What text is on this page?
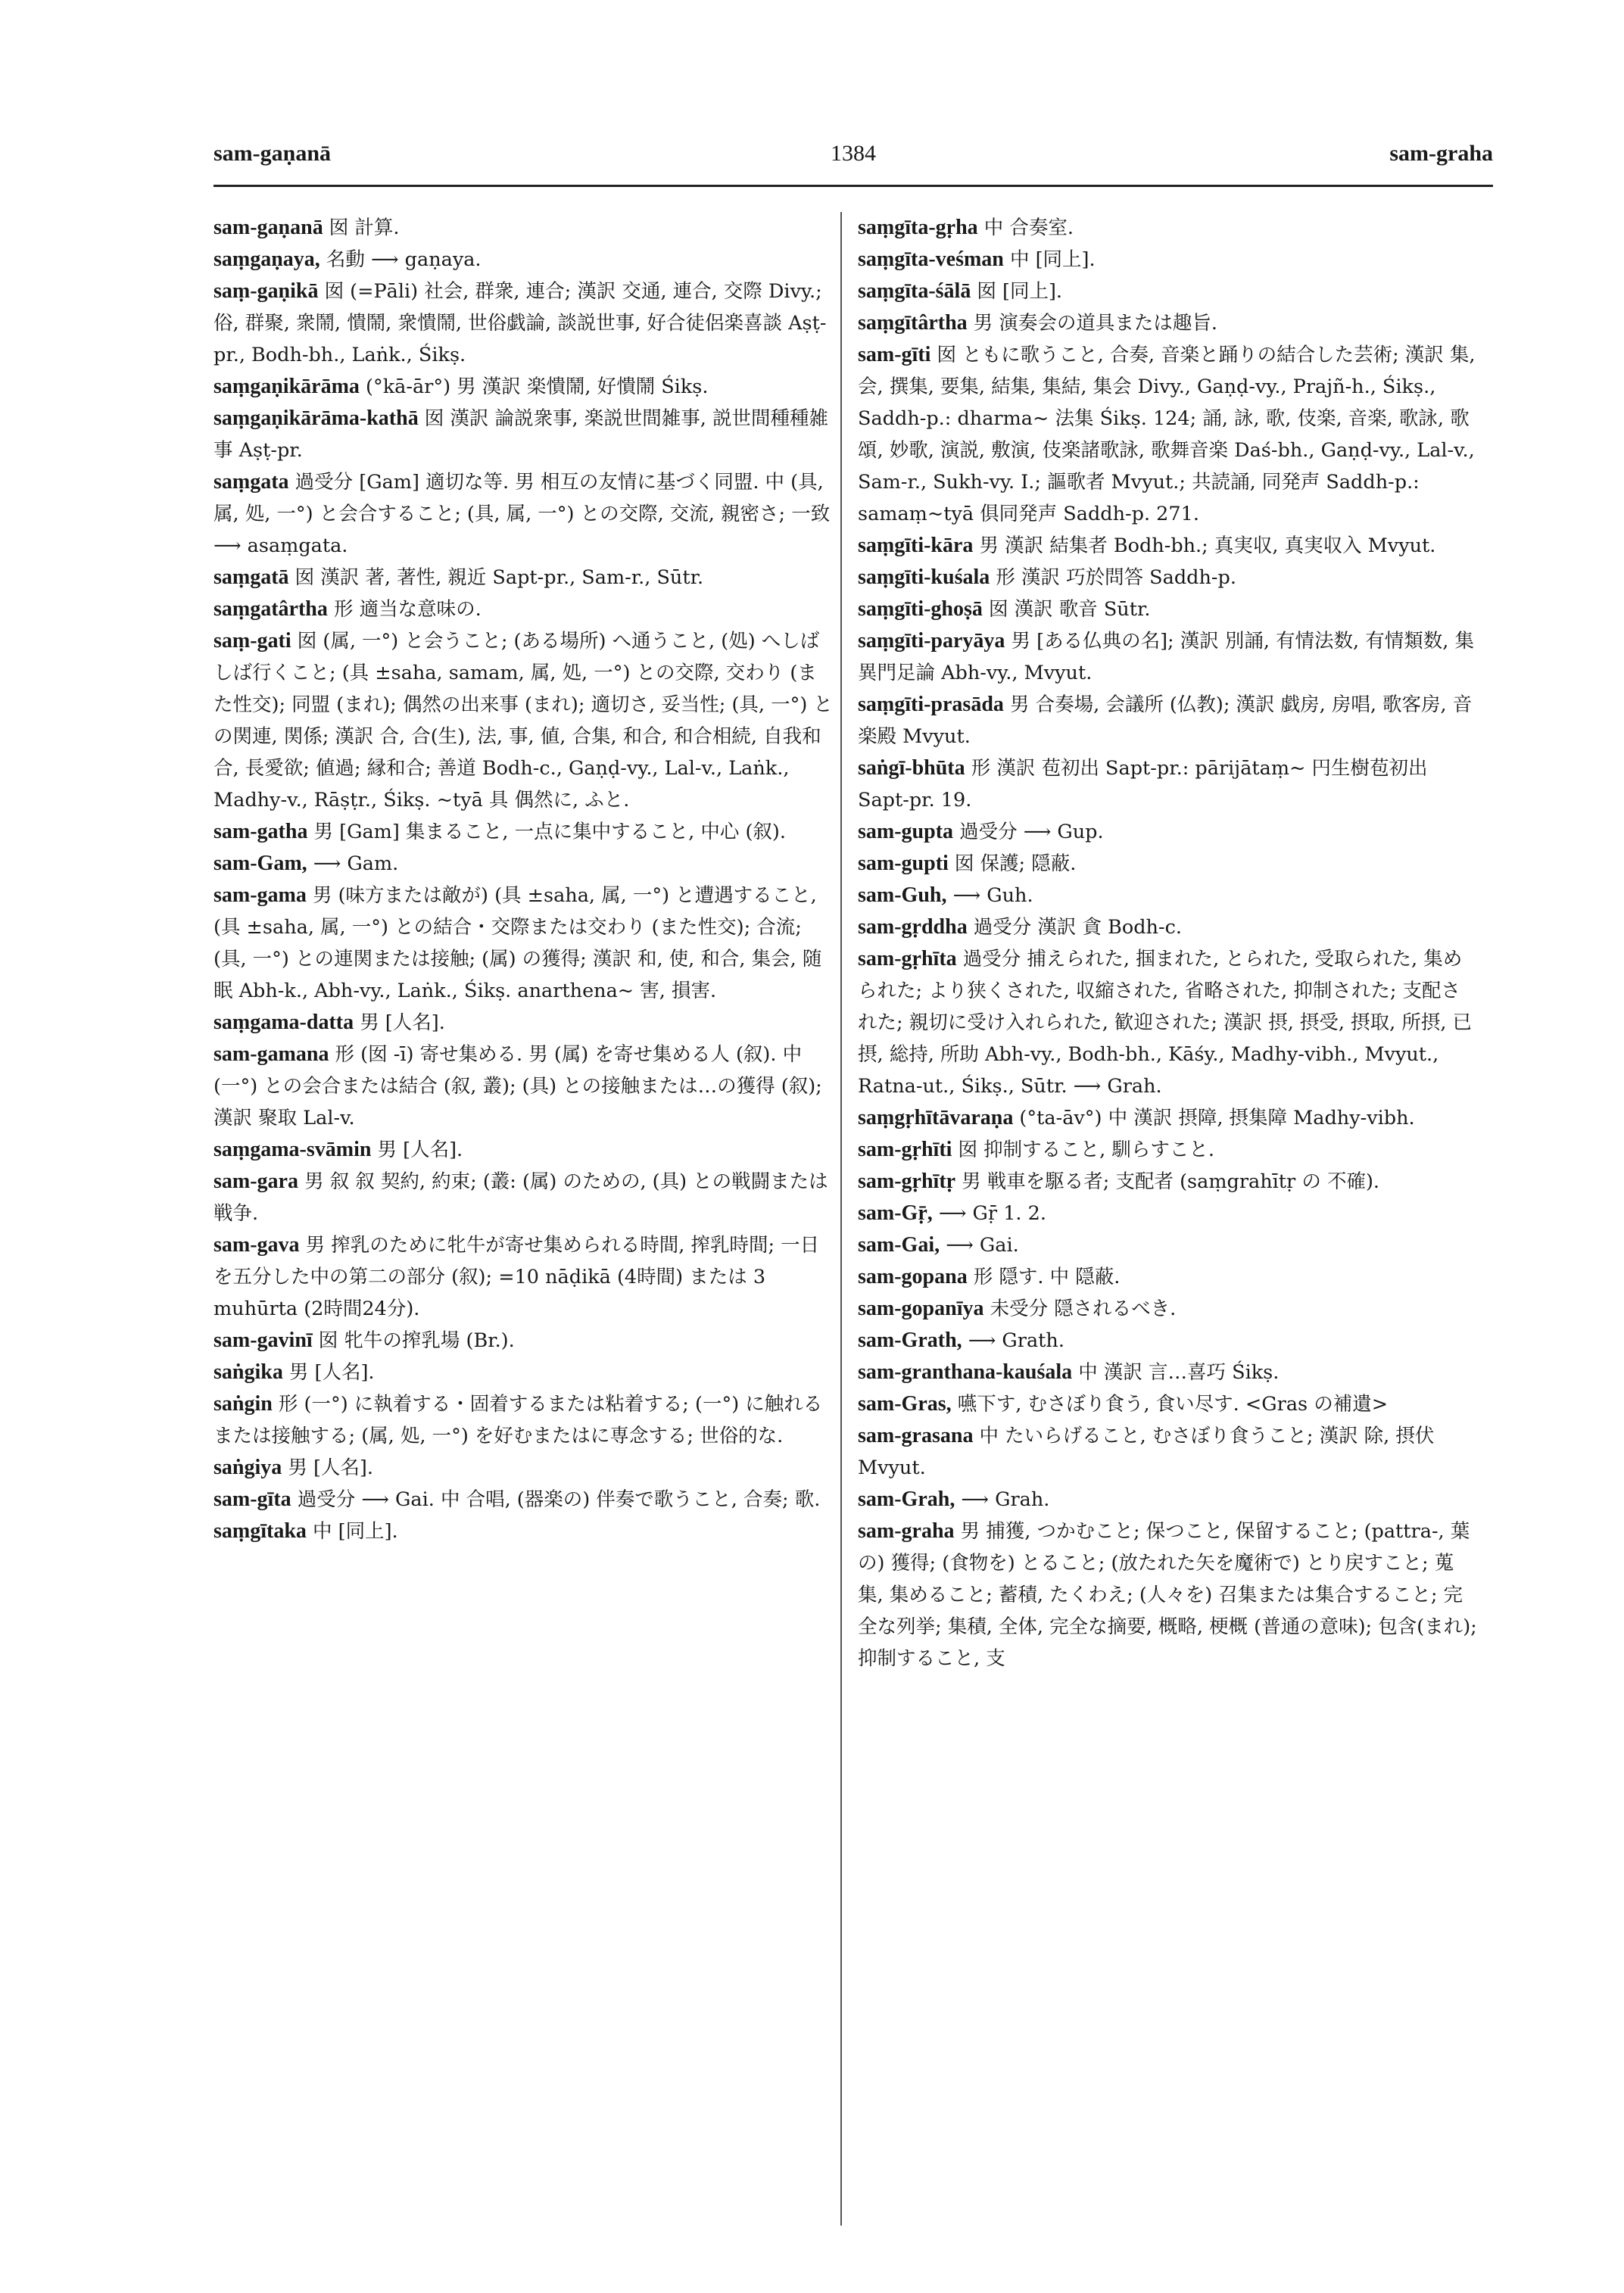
sam-gaṇanā	1384	sam-graha

sam-gaṇanā 囡 計算.

saṃgaṇaya, 名動 ⟶ gaṇaya.

saṃ-gaṇikā 囡 (=Pāli) 社会, 群衆, 連合; 漢訳 交通, 連合, 交際 Divy.; 俗, 群聚, 衆鬧, 憒鬧, 衆憒鬧, 世俗戯論, 談説世事, 好合徒侶楽喜談 Aṣṭ-pr., Bodh-bh., Laṅk., Śikṣ.

saṃgaṇikārāma (°kā-ār°) 男 漢訳 楽憒鬧, 好憒鬧 Śikṣ.

saṃgaṇikārāma-kathā 囡 漢訳 論説衆事, 楽説世間雑事, 説世間種種雑事 Aṣṭ-pr.

saṃgata 過受分 [Gam] 適切な等. 男 相互の友情に基づく同盟. 中 (具, 属, 処, 一°) と会合すること; (具, 属, 一°) との交際, 交流, 親密さ; 一致 ⟶ asaṃgata.

saṃgatā 囡 漢訳 著, 著性, 親近 Sapt-pr., Sam-r., Sūtr.

saṃgatârtha 形 適当な意味の.

saṃ-gati 囡 (属, 一°) と会うこと; (ある場所) へ通うこと, (処) へしばしば行くこと; (具 ±saha, samam, 属, 処, 一°) との交際, 交わり (また性交); 同盟 (まれ); 偶然の出来事 (まれ); 適切さ, 妥当性; (具, 一°) との関連, 関係; 漢訳 合, 合(生), 法, 事, 値, 合集, 和合, 和合相続, 自我和合, 長愛欲; 値過; 縁和合; 善道 Bodh-c., Gaṇḍ-vy., Lal-v., Laṅk., Madhy-v., Rāṣṭr., Śikṣ. ~tyā 具 偶然に, ふと.

sam-gatha 男 [Gam] 集まること, 一点に集中すること, 中心 (叙).

sam-Gam, ⟶ Gam.

sam-gama 男 (味方または敵が) (具 ±saha, 属, 一°) と遭遇すること, (具 ±saha, 属, 一°) との結合・交際または交わり (また性交); 合流; (具, 一°) との連関または接触; (属) の獲得; 漢訳 和, 使, 和合, 集会, 随眠 Abh-k., Abh-vy., Laṅk., Śikṣ. anarthena~ 害, 損害.

saṃgama-datta 男 [人名].

sam-gamana 形 (囡 -ī) 寄せ集める. 男 (属) を寄せ集める人 (叙). 中 (一°) との会合または結合 (叙, 叢); (具) との接触または…の獲得 (叙); 漢訳 聚取 Lal-v.

saṃgama-svāmin 男 [人名].

sam-gara 男 叙 叙 契約, 約束; (叢: (属) のための, (具) との戦闘または戦争.

sam-gava 男 搾乳のために牝牛が寄せ集められる時間, 搾乳時間; 一日を五分した中の第二の部分 (叙); =10 nāḍikā (4時間) または 3 muhūrta (2時間24分).

sam-gavinī 囡 牝牛の搾乳場 (Br.).

saṅgika 男 [人名].

saṅgin 形 (一°) に執着する・固着するまたは粘着する; (一°) に触れるまたは接触する; (属, 処, 一°) を好むまたはに専念する; 世俗的な.

saṅgiya 男 [人名].

sam-gīta 過受分 ⟶ Gai. 中 合唱, (器楽の) 伴奏で歌うこと, 合奏; 歌.

saṃgītaka 中 [同上].

saṃgīta-gṛha 中 合奏室.

saṃgīta-veśman 中 [同上].

saṃgīta-śālā 囡 [同上].

saṃgītârtha 男 演奏会の道具または趣旨.

sam-gīti 囡 ともに歌うこと, 合奏, 音楽と踊りの結合した芸術; 漢訳 集, 会, 撰集, 要集, 結集, 集結, 集会 Divy., Gaṇḍ-vy., Prajñ-h., Śikṣ., Saddh-p.: dharma~ 法集 Śikṣ. 124; 誦, 詠, 歌, 伎楽, 音楽, 歌詠, 歌頌, 妙歌, 演説, 敷演, 伎楽諸歌詠, 歌舞音楽 Daś-bh., Gaṇḍ-vy., Lal-v., Sam-r., Sukh-vy. I.; 謳歌者 Mvyut.; 共読誦, 同発声 Saddh-p.: samaṃ~tyā 俱同発声 Saddh-p. 271.

saṃgīti-kāra 男 漢訳 結集者 Bodh-bh.; 真実収, 真実収入 Mvyut.

saṃgīti-kuśala 形 漢訳 巧於問答 Saddh-p.

saṃgīti-ghoṣā 囡 漢訳 歌音 Sūtr.

saṃgīti-paryāya 男 [ある仏典の名]; 漢訳 別誦, 有情法数, 有情類数, 集異門足論 Abh-vy., Mvyut.

saṃgīti-prasāda 男 合奏場, 会議所 (仏教); 漢訳 戯房, 房唱, 歌客房, 音楽殿 Mvyut.

saṅgī-bhūta 形 漢訳 苞初出 Sapt-pr.: pārijātaṃ~ 円生樹苞初出 Sapt-pr. 19.

sam-gupta 過受分 ⟶ Gup.

sam-gupti 囡 保護; 隠蔽.

sam-Guh, ⟶ Guh.

sam-gṛddha 過受分 漢訳 貪 Bodh-c.

sam-gṛhīta 過受分 捕えられた, 掴まれた, とられた, 受取られた, 集められた; より狭くされた, 収縮された, 省略された, 抑制された; 支配された; 親切に受け入れられた, 歓迎された; 漢訳 摂, 摂受, 摂取, 所摂, 已摂, 総持, 所助 Abh-vy., Bodh-bh., Kāśy., Madhy-vibh., Mvyut., Ratna-ut., Śikṣ., Sūtr. ⟶ Grah.

saṃgṛhītāvaraṇa (°ta-āv°) 中 漢訳 摂障, 摂集障 Madhy-vibh.

sam-gṛhīti 囡 抑制すること, 馴らすこと.

sam-gṛhītṛ 男 戦車を駆る者; 支配者 (saṃgrahītṛ の 不確).

sam-Gṝ, ⟶ Gṝ 1. 2.

sam-Gai, ⟶ Gai.

sam-gopana 形 隠す. 中 隠蔽.

sam-gopanīya 未受分 隠されるべき.

sam-Grath, ⟶ Grath.

sam-granthana-kauśala 中 漢訳 言…喜巧 Śikṣ.

sam-Gras, 嚥下す, むさぼり食う, 食い尽す. <Gras の補遺>

sam-grasana 中 たいらげること, むさぼり食うこと; 漢訳 除, 摂伏 Mvyut.

sam-Grah, ⟶ Grah.

sam-graha 男 捕獲, つかむこと; 保つこと, 保留すること; (pattra-, 葉の) 獲得; (食物を) とること; (放たれた矢を魔術で) とり戻すこと; 蒐集, 集めること; 蓄積, たくわえ; (人々を) 召集または集合すること; 完全な列挙; 集積, 全体, 完全な摘要, 概略, 梗概 (普通の意味); 包含(まれ); 抑制すること, 支
